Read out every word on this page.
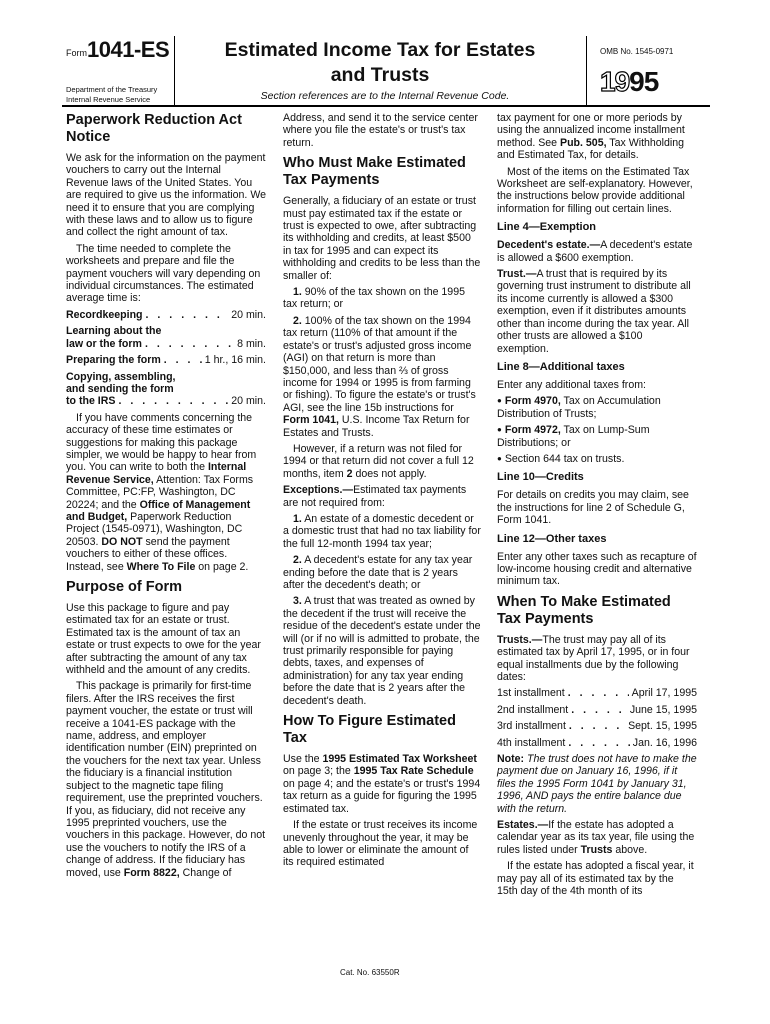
Form 1041-ES
Department of the Treasury
Internal Revenue Service
Estimated Income Tax for Estates
and Trusts
Section references are to the Internal Revenue Code.
OMB No. 1545-0971
1995
Paperwork Reduction Act Notice

We ask for the information on the payment vouchers to carry out the Internal Revenue laws of the United States. You are required to give us the information. We need it to ensure that you are complying with these laws and to allow us to figure and collect the right amount of tax.

The time needed to complete the worksheets and prepare and file the payment vouchers will vary depending on individual circumstances. The estimated average time is:

Recordkeeping . . .	20 min.
Learning about the
law or the form . . .	8 min.
Preparing the form . . .	1 hr., 16 min.
Copying, assembling,
and sending the form
to the IRS . . .	20 min.

If you have comments concerning the accuracy of these time estimates or suggestions for making this package simpler, we would be happy to hear from you. You can write to both the Internal Revenue Service, Attention: Tax Forms Committee, PC:FP, Washington, DC 20224; and the Office of Management and Budget, Paperwork Reduction Project (1545-0971), Washington, DC 20503. DO NOT send the payment vouchers to either of these offices. Instead, see Where To File on page 2.

Purpose of Form

Use this package to figure and pay estimated tax for an estate or trust. Estimated tax is the amount of tax an estate or trust expects to owe for the year after subtracting the amount of any tax withheld and the amount of any credits.

This package is primarily for first-time filers. After the IRS receives the first payment voucher, the estate or trust will receive a 1041-ES package with the name, address, and employer identification number (EIN) preprinted on the vouchers for the next tax year. Unless the fiduciary is a financial institution subject to the magnetic tape filing requirement, use the preprinted vouchers. If you, as fiduciary, did not receive any 1995 preprinted vouchers, use the vouchers in this package. However, do not use the vouchers to notify the IRS of a change of address. If the fiduciary has moved, use Form 8822, Change of

Address, and send it to the service center where you file the estate's or trust's tax return.

Who Must Make Estimated Tax Payments

Generally, a fiduciary of an estate or trust must pay estimated tax if the estate or trust is expected to owe, after subtracting its withholding and credits, at least $500 in tax for 1995 and can expect its withholding and credits to be less than the smaller of:

1. 90% of the tax shown on the 1995 tax return; or

2. 100% of the tax shown on the 1994 tax return (110% of that amount if the estate's or trust's adjusted gross income (AGI) on that return is more than $150,000, and less than ⅔ of gross income for 1994 or 1995 is from farming or fishing). To figure the estate's or trust's AGI, see the line 15b instructions for Form 1041, U.S. Income Tax Return for Estates and Trusts.

However, if a return was not filed for 1994 or that return did not cover a full 12 months, item 2 does not apply.

Exceptions.—Estimated tax payments are not required from:

1. An estate of a domestic decedent or a domestic trust that had no tax liability for the full 12-month 1994 tax year;

2. A decedent's estate for any tax year ending before the date that is 2 years after the decedent's death; or

3. A trust that was treated as owned by the decedent if the trust will receive the residue of the decedent's estate under the will (or if no will is admitted to probate, the trust primarily responsible for paying debts, taxes, and expenses of administration) for any tax year ending before the date that is 2 years after the decedent's death.

How To Figure Estimated Tax

Use the 1995 Estimated Tax Worksheet on page 3; the 1995 Tax Rate Schedule on page 4; and the estate's or trust's 1994 tax return as a guide for figuring the 1995 estimated tax.

If the estate or trust receives its income unevenly throughout the year, it may be able to lower or eliminate the amount of its required estimated

tax payment for one or more periods by using the annualized income installment method. See Pub. 505, Tax Withholding and Estimated Tax, for details.

Most of the items on the Estimated Tax Worksheet are self-explanatory. However, the instructions below provide additional information for filling out certain lines.

Line 4—Exemption

Decedent's estate.—A decedent's estate is allowed a $600 exemption.

Trust.—A trust that is required by its governing trust instrument to distribute all its income currently is allowed a $300 exemption, even if it distributes amounts other than income during the tax year. All other trusts are allowed a $100 exemption.

Line 8—Additional taxes

Enter any additional taxes from:

● Form 4970, Tax on Accumulation Distribution of Trusts;

● Form 4972, Tax on Lump-Sum Distributions; or

● Section 644 tax on trusts.

Line 10—Credits

For details on credits you may claim, see the instructions for line 2 of Schedule G, Form 1041.

Line 12—Other taxes

Enter any other taxes such as recapture of low-income housing credit and alternative minimum tax.

When To Make Estimated Tax Payments

Trusts.—The trust may pay all of its estimated tax by April 17, 1995, or in four equal installments due by the following dates:

1st installment . . .	April 17, 1995
2nd installment . . .	June 15, 1995
3rd installment . . .	Sept. 15, 1995
4th installment . . .	Jan. 16, 1996

Note: The trust does not have to make the payment due on January 16, 1996, if it files the 1995 Form 1041 by January 31, 1996, AND pays the entire balance due with the return.

Estates.—If the estate has adopted a calendar year as its tax year, file using the rules listed under Trusts above.

If the estate has adopted a fiscal year, it may pay all of its estimated tax by the 15th day of the 4th month of its

Cat. No. 63550R
